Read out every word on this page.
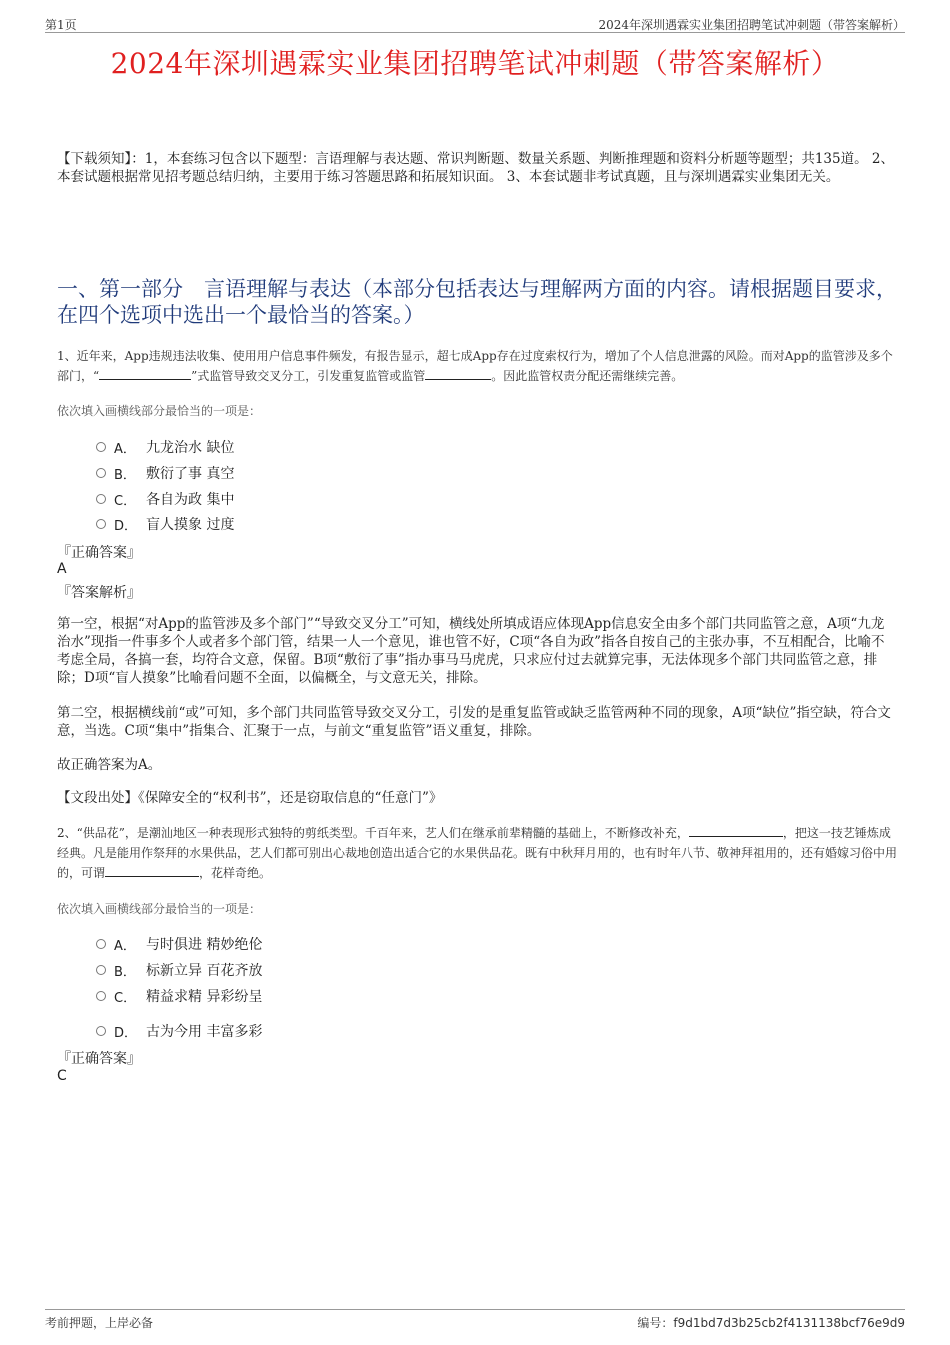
第1页	2024年深圳遇霖实业集团招聘笔试冲刺题（带答案解析）
2024年深圳遇霖实业集团招聘笔试冲刺题（带答案解析）
【下载须知】：1，本套练习包含以下题型：言语理解与表达题、常识判断题、数量关系题、判断推理题和资料分析题等题型；共135道。 2、本套试题根据常见招考题总结归纳，主要用于练习答题思路和拓展知识面。 3、本套试题非考试真题，且与深圳遇霖实业集团无关。
一、第一部分　言语理解与表达（本部分包括表达与理解两方面的内容。请根据题目要求，在四个选项中选出一个最恰当的答案。）
1、近年来，App违规违法收集、使用用户信息事件频发，有报告显示，超七成App存在过度索权行为，增加了个人信息泄露的风险。而对App的监管涉及多个部门，“	”式监管导致交叉分工，引发重复监管或监管	。因此监管权责分配还需继续完善。
依次填入画横线部分最恰当的一项是：
A． 九龙治水 缺位
B． 敷衍了事 真空
C． 各自为政 集中
D． 盲人摸象 过度
『正确答案』
A
『答案解析』
第一空，根据“对App的监管涉及多个部门”“导致交叉分工”可知，横线处所填成语应体现App信息安全由多个部门共同监管之意，A项“九龙治水”现指一件事多个人或者多个部门管，结果一人一个意见，谁也管不好，C项“各自为政”指各自按自己的主张办事，不互相配合，比喻不考虑全局，各搞一套，均符合文意，保留。B项“敷衍了事”指办事马马虎虎，只求应付过去就算完事，无法体现多个部门共同监管之意，排除；D项“盲人摸象”比喻看问题不全面，以偏概全，与文意无关，排除。
第二空，根据横线前“或”可知，多个部门共同监管导致交叉分工，引发的是重复监管或缺乏监管两种不同的现象，A项“缺位”指空缺，符合文意，当选。C项“集中”指集合、汇聚于一点，与前文“重复监管”语义重复，排除。
故正确答案为A。
【文段出处】《保障安全的“权利书”，还是窃取信息的“任意门”》
2、“供品花”，是潮汕地区一种表现形式独特的剪纸类型。千百年来，艺人们在继承前辈精髓的基础上，不断修改补充，	，把这一技艺锤炼成经典。凡是能用作祭拜的水果供品，艺人们都可别出心裁地创造出适合它的水果供品花。既有中秋拜月用的，也有时年八节、敬神拜祖用的，还有婚嫁习俗中用的，可谓	，花样奇绝。
依次填入画横线部分最恰当的一项是：
A． 与时俱进 精妙绝伦
B． 标新立异 百花齐放
C． 精益求精 异彩纷呈
D． 古为今用 丰富多彩
『正确答案』
C
考前押题，上岸必备	编号：f9d1bd7d3b25cb2f4131138bcf76e9d9
